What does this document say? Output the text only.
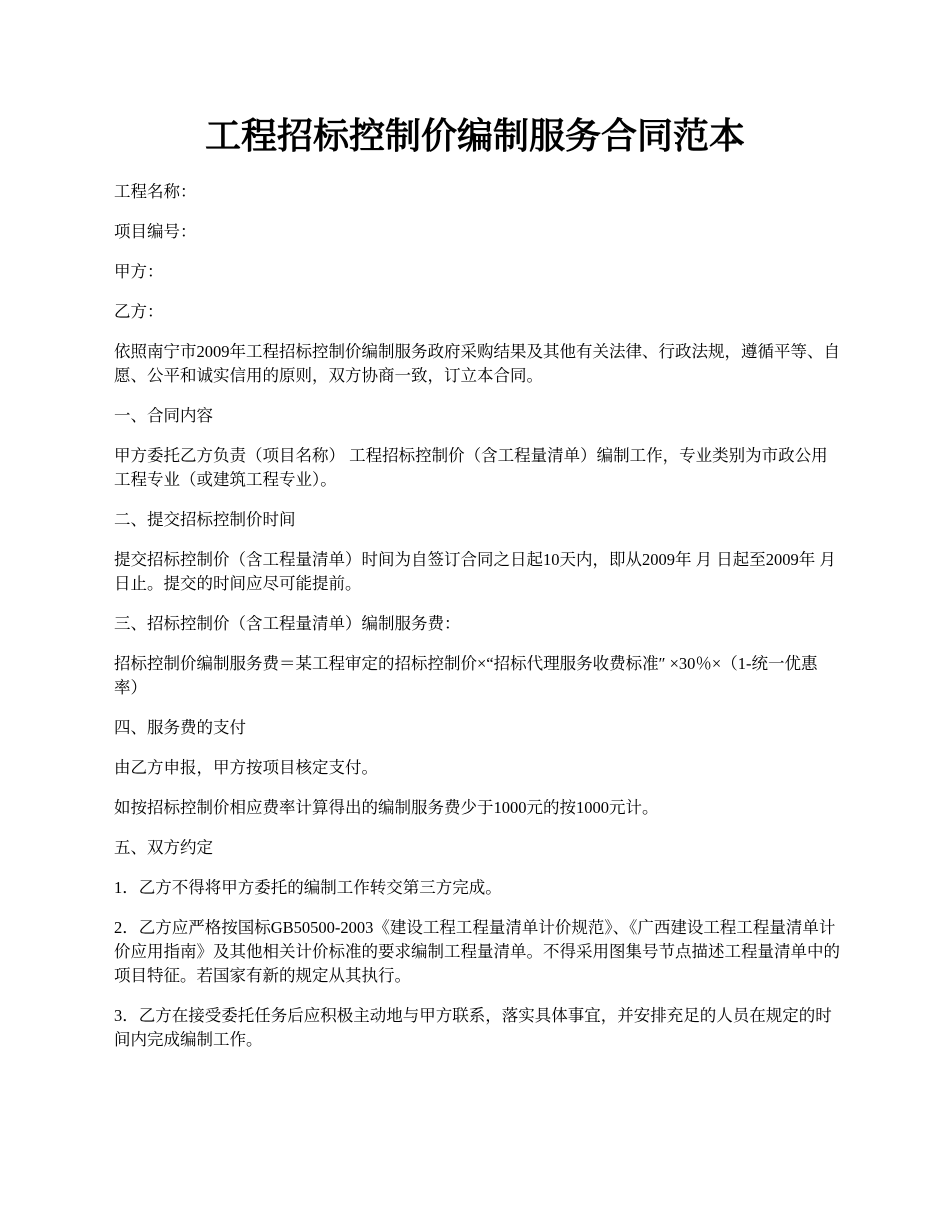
工程招标控制价编制服务合同范本

工程名称：

项目编号：

甲方：

乙方：

依照南宁市2009年工程招标控制价编制服务政府采购结果及其他有关法律、行政法规，遵循平等、自愿、公平和诚实信用的原则，双方协商一致，订立本合同。

一、合同内容

甲方委托乙方负责（项目名称） 工程招标控制价（含工程量清单）编制工作，专业类别为市政公用工程专业（或建筑工程专业）。

二、提交招标控制价时间

提交招标控制价（含工程量清单）时间为自签订合同之日起10天内，即从2009年 月 日起至2009年 月 日止。提交的时间应尽可能提前。

三、招标控制价（含工程量清单）编制服务费：

招标控制价编制服务费＝某工程审定的招标控制价×“招标代理服务收费标准″ ×30％×（1-统一优惠率）

四、服务费的支付

由乙方申报，甲方按项目核定支付。

如按招标控制价相应费率计算得出的编制服务费少于1000元的按1000元计。

五、双方约定

1．乙方不得将甲方委托的编制工作转交第三方完成。

2．乙方应严格按国标GB50500-2003《建设工程工程量清单计价规范》、《广西建设工程工程量清单计价应用指南》及其他相关计价标准的要求编制工程量清单。不得采用图集号节点描述工程量清单中的项目特征。若国家有新的规定从其执行。

3．乙方在接受委托任务后应积极主动地与甲方联系，落实具体事宜，并安排充足的人员在规定的时间内完成编制工作。
